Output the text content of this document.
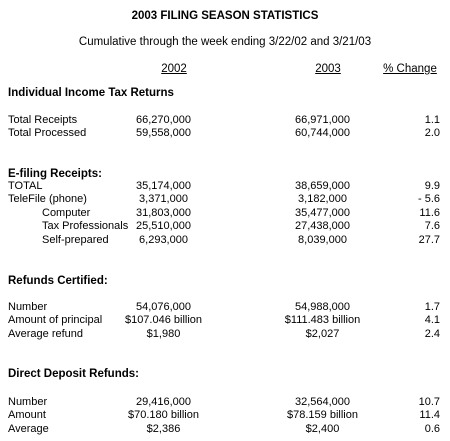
2003 FILING SEASON STATISTICS
Cumulative through the week ending 3/22/02 and 3/21/03
2002	2003	% Change
Individual Income Tax Returns
Total Receipts	66,270,000	66,971,000	1.1
Total Processed	59,558,000	60,744,000	2.0
E-filing Receipts:
TOTAL	35,174,000	38,659,000	9.9
TeleFile (phone)	3,371,000	3,182,000	- 5.6
Computer	31,803,000	35,477,000	11.6
Tax Professionals 25,510,000	27,438,000	7.6
Self-prepared	6,293,000	8,039,000	27.7
Refunds Certified:
Number	54,076,000	54,988,000	1.7
Amount of principal	$107.046 billion	$111.483 billion	4.1
Average refund	$1,980	$2,027	2.4
Direct Deposit Refunds:
Number	29,416,000	32,564,000	10.7
Amount	$70.180 billion	$78.159 billion	11.4
Average	$2,386	$2,400	0.6
